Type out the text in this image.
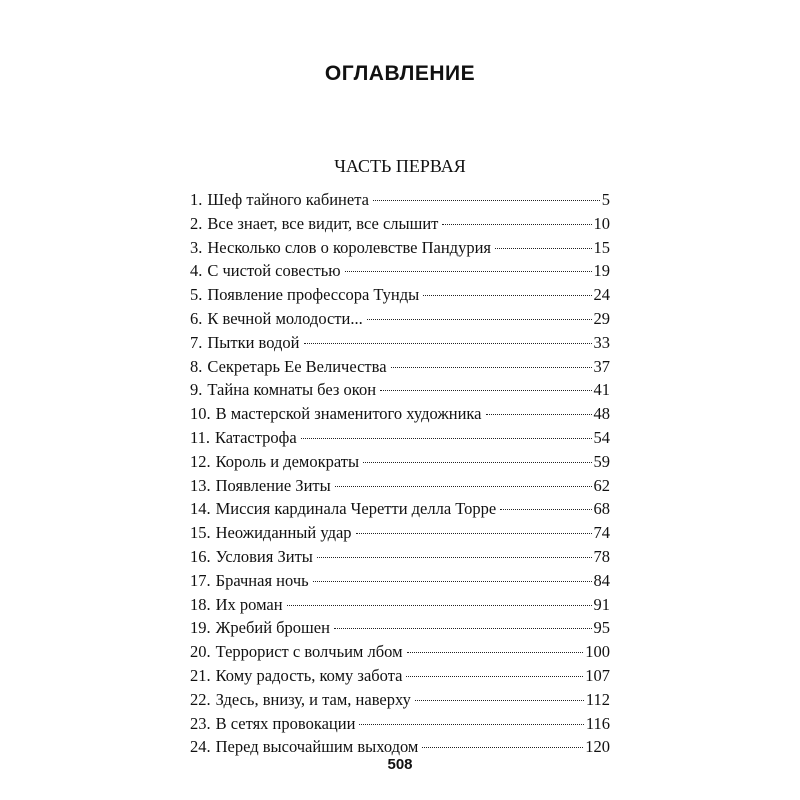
ОГЛАВЛЕНИЕ
ЧАСТЬ ПЕРВАЯ
1. Шеф тайного кабинета	5
2. Все знает, все видит, все слышит	10
3. Несколько слов о королевстве Пандурия	15
4. С чистой совестью	19
5. Появление профессора Тунды	24
6. К вечной молодости...	29
7. Пытки водой	33
8. Секретарь Ее Величества	37
9. Тайна комнаты без окон	41
10. В мастерской знаменитого художника	48
11. Катастрофа	54
12. Король и демократы	59
13. Появление Зиты	62
14. Миссия кардинала Черетти делла Торре	68
15. Неожиданный удар	74
16. Условия Зиты	78
17. Брачная ночь	84
18. Их роман	91
19. Жребий брошен	95
20. Террорист с волчьим лбом	100
21. Кому радость, кому забота	107
22. Здесь, внизу, и там, наверху	112
23. В сетях провокации	116
24. Перед высочайшим выходом	120
508
